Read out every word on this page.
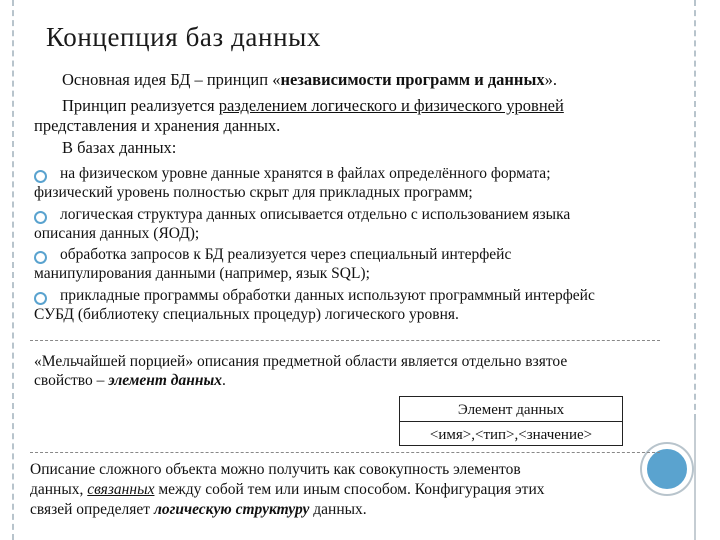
Концепция баз данных

Основная идея БД – принцип «независимости программ и данных».

Принцип реализуется разделением логического и физического уровней

представления и хранения данных.

В базах данных:

на физическом уровне данные хранятся в файлах определённого формата;

физический уровень полностью скрыт для прикладных программ;

логическая структура данных описывается отдельно с использованием языка

описания данных (ЯОД);

обработка запросов к БД реализуется через специальный интерфейс

манипулирования данными (например, язык SQL);

прикладные программы обработки данных используют программный интерфейс

СУБД (библиотеку специальных процедур) логического уровня.

«Мельчайшей порцией» описания предметной области является отдельно взятое

свойство – элемент данных.

Элемент данных
<имя>,<тип>,<значение>

Описание сложного объекта можно получить как совокупность элементов

данных, связанных между собой тем или иным способом. Конфигурация этих

связей определяет логическую структуру данных.
